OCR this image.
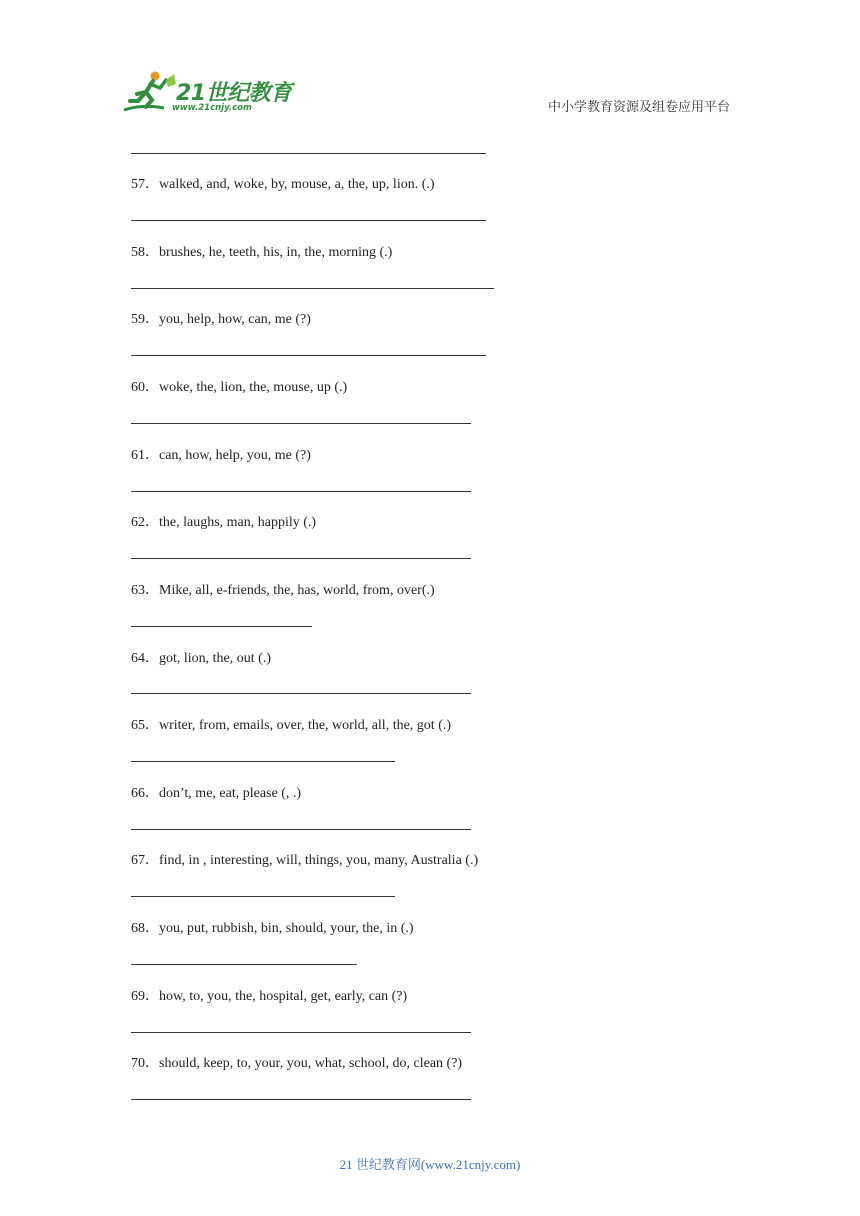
21世纪教育
www.21cnjy.com	中小学教育资源及组卷应用平台
57．walked, and, woke, by, mouse, a, the, up, lion. (.)
58．brushes, he, teeth, his, in, the, morning (.)
59．you, help, how, can, me (?)
60．woke, the, lion, the, mouse, up (.)
61．can, how, help, you, me (?)
62．the, laughs, man, happily (.)
63．Mike, all, e-friends, the, has, world, from, over(.)
64．got, lion, the, out (.)
65．writer, from, emails, over, the, world, all, the, got (.)
66．don’t, me, eat, please (, .)
67．find, in , interesting, will, things, you, many, Australia (.)
68．you, put, rubbish, bin, should, your, the, in (.)
69．how, to, you, the, hospital, get, early, can (?)
70．should, keep, to, your, you, what, school, do, clean (?)
21 世纪教育网(www.21cnjy.com)
